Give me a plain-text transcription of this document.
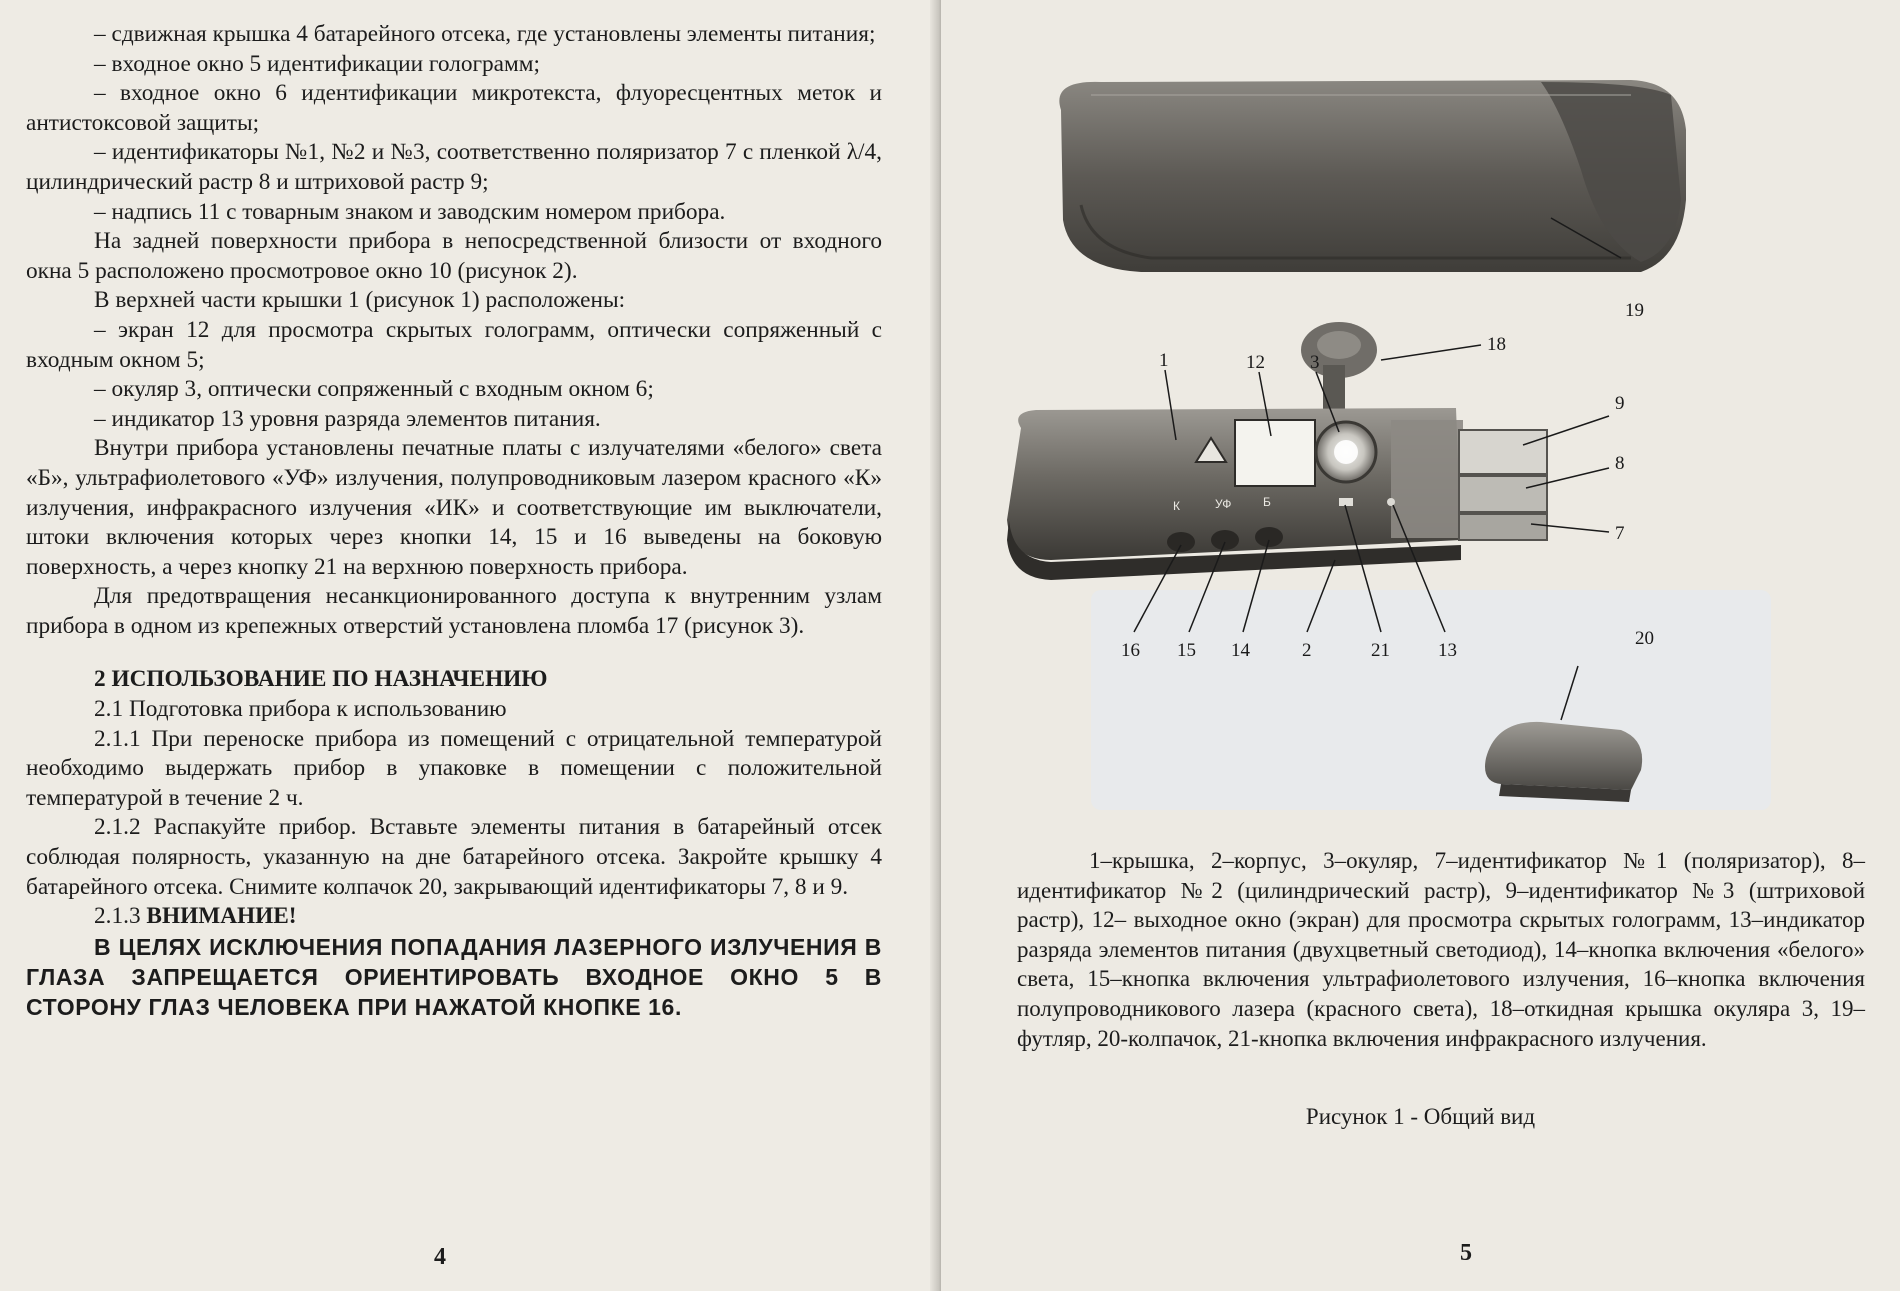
– сдвижная крышка 4 батарейного отсека, где установлены элементы питания;

– входное окно 5 идентификации голограмм;

– входное окно 6 идентификации микротекста, флуоресцентных меток и антистоксовой защиты;

– идентификаторы №1, №2 и №3, соответственно поляризатор 7 с пленкой λ/4, цилиндрический растр 8 и штриховой растр 9;

– надпись 11 с товарным знаком и заводским номером прибора.

На задней поверхности прибора в непосредственной близости от входного окна 5 расположено просмотровое окно 10 (рисунок 2).

В верхней части крышки 1 (рисунок 1) расположены:

– экран 12 для просмотра скрытых голограмм, оптически сопряженный с входным окном 5;

– окуляр 3, оптически сопряженный с входным окном 6;

– индикатор 13 уровня разряда элементов питания.

Внутри прибора установлены печатные платы с излучателями «белого» света «Б», ультрафиолетового «УФ» излучения, полупроводниковым лазером красного «К» излучения, инфракрасного излучения «ИК» и соответствующие им выключатели, штоки включения которых через кнопки 14, 15 и 16 выведены на боковую поверхность, а через кнопку 21 на верхнюю поверхность прибора.

Для предотвращения несанкционированного доступа к внутренним узлам прибора в одном из крепежных отверстий установлена пломба 17 (рисунок 3).

2 ИСПОЛЬЗОВАНИЕ ПО НАЗНАЧЕНИЮ

2.1 Подготовка прибора к использованию

2.1.1 При переноске прибора из помещений с отрицательной температурой необходимо выдержать прибор в упаковке в помещении с положительной температурой в течение 2 ч.

2.1.2 Распакуйте прибор. Вставьте элементы питания в батарейный отсек соблюдая полярность, указанную на дне батарейного отсека. Закройте крышку 4 батарейного отсека. Снимите колпачок 20, закрывающий идентификаторы 7, 8 и 9.

2.1.3 ВНИМАНИЕ!

В ЦЕЛЯХ ИСКЛЮЧЕНИЯ ПОПАДАНИЯ ЛАЗЕРНОГО ИЗЛУЧЕНИЯ В ГЛАЗА ЗАПРЕЩАЕТСЯ ОРИЕНТИРОВАТЬ ВХОДНОЕ ОКНО 5 В СТОРОНУ ГЛАЗ ЧЕЛОВЕКА ПРИ НАЖАТОЙ КНОПКЕ 16.

4
К	УФ	Б
19
18
1	12 3
9
8
7
16 15 14	2	21	13
20

1–крышка, 2–корпус, 3–окуляр, 7–идентификатор №1 (поляризатор), 8–идентификатор №2 (цилиндрический растр), 9–идентификатор №3 (штриховой растр), 12– выходное окно (экран) для просмотра скрытых голограмм, 13–индикатор разряда элементов питания (двухцветный светодиод), 14–кнопка включения «белого» света, 15–кнопка включения ультрафиолетового излучения, 16–кнопка включения полупроводникового лазера (красного света), 18–откидная крышка окуляра 3, 19–футляр, 20-колпачок, 21-кнопка включения инфракрасного излучения.

Рисунок 1 - Общий вид
5
